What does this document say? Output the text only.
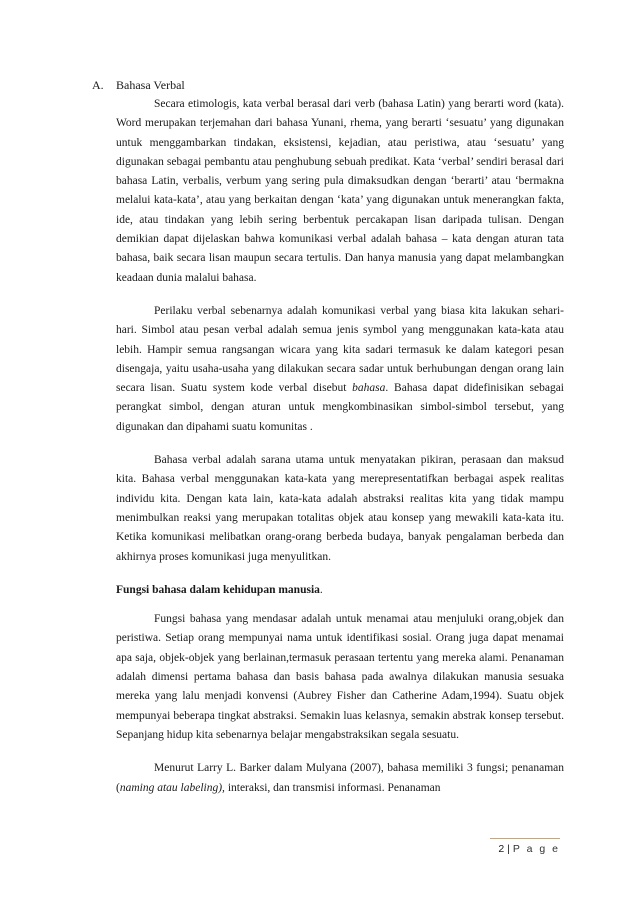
A. Bahasa Verbal

Secara etimologis, kata verbal berasal dari verb (bahasa Latin) yang berarti word (kata). Word merupakan terjemahan dari bahasa Yunani, rhema, yang berarti ‘sesuatu’ yang digunakan untuk menggambarkan tindakan, eksistensi, kejadian, atau peristiwa, atau ‘sesuatu’ yang digunakan sebagai pembantu atau penghubung sebuah predikat. Kata ‘verbal’ sendiri berasal dari bahasa Latin, verbalis, verbum yang sering pula dimaksudkan dengan ‘berarti’ atau ‘bermakna melalui kata-kata’, atau yang berkaitan dengan ‘kata’ yang digunakan untuk menerangkan fakta, ide, atau tindakan yang lebih sering berbentuk percakapan lisan daripada tulisan. Dengan demikian dapat dijelaskan bahwa komunikasi verbal adalah bahasa – kata dengan aturan tata bahasa, baik secara lisan maupun secara tertulis. Dan hanya manusia yang dapat melambangkan keadaan dunia malalui bahasa.

Perilaku verbal sebenarnya adalah komunikasi verbal yang biasa kita lakukan sehari-hari. Simbol atau pesan verbal adalah semua jenis symbol yang menggunakan kata-kata atau lebih. Hampir semua rangsangan wicara yang kita sadari termasuk ke dalam kategori pesan disengaja, yaitu usaha-usaha yang dilakukan secara sadar untuk berhubungan dengan orang lain secara lisan. Suatu system kode verbal disebut bahasa. Bahasa dapat didefinisikan sebagai perangkat simbol, dengan aturan untuk mengkombinasikan simbol-simbol tersebut, yang digunakan dan dipahami suatu komunitas .

Bahasa verbal adalah sarana utama untuk menyatakan pikiran, perasaan dan maksud kita. Bahasa verbal menggunakan kata-kata yang merepresentatifkan berbagai aspek realitas individu kita. Dengan kata lain, kata-kata adalah abstraksi realitas kita yang tidak mampu menimbulkan reaksi yang merupakan totalitas objek atau konsep yang mewakili kata-kata itu. Ketika komunikasi melibatkan orang-orang berbeda budaya, banyak pengalaman berbeda dan akhirnya proses komunikasi juga menyulitkan.

Fungsi bahasa dalam kehidupan manusia.

Fungsi bahasa yang mendasar adalah untuk menamai atau menjuluki orang,objek dan peristiwa. Setiap orang mempunyai nama untuk identifikasi sosial. Orang juga dapat menamai apa saja, objek-objek yang berlainan,termasuk perasaan tertentu yang mereka alami. Penanaman adalah dimensi pertama bahasa dan basis bahasa pada awalnya dilakukan manusia sesuaka mereka yang lalu menjadi konvensi (Aubrey Fisher dan Catherine Adam,1994). Suatu objek mempunyai beberapa tingkat abstraksi. Semakin luas kelasnya, semakin abstrak konsep tersebut. Sepanjang hidup kita sebenarnya belajar mengabstraksikan segala sesuatu.

Menurut Larry L. Barker dalam Mulyana (2007), bahasa memiliki 3 fungsi; penanaman (naming atau labeling), interaksi, dan transmisi informasi. Penanaman

2 | P a g e
